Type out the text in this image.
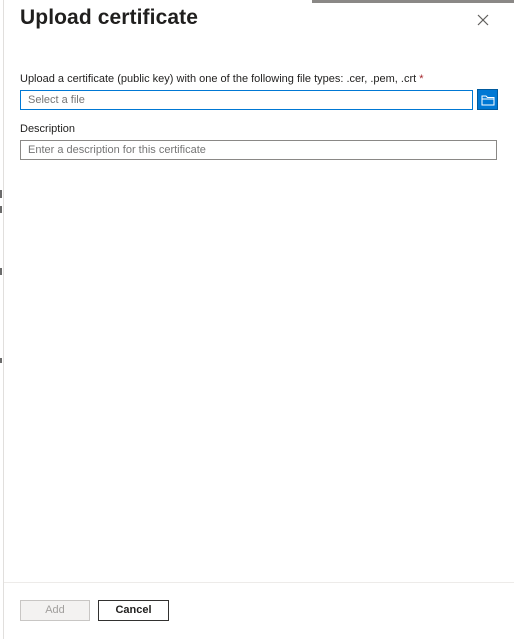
Upload certificate
Upload a certificate (public key) with one of the following file types: .cer, .pem, .crt *
Select a file
Description
Enter a description for this certificate
Add	Cancel
